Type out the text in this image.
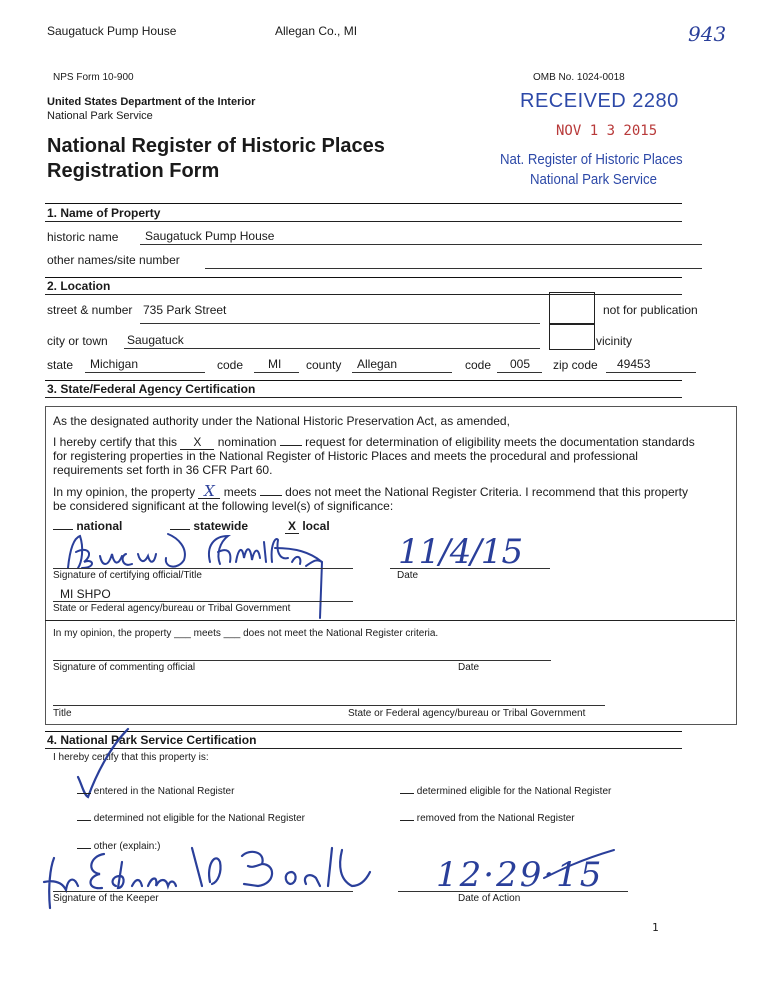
Saugatuck Pump House	Allegan Co., MI	943
NPS Form 10-900	OMB No. 1024-0018
United States Department of the Interior
National Park Service
National Register of Historic Places
Registration Form
RECEIVED 2280
NOV 1 3 2015
Nat. Register of Historic Places
National Park Service
1. Name of Property
historic name Saugatuck Pump House
other names/site number
2. Location
street & number 735 Park Street	not for publication
city or town Saugatuck	vicinity
state Michigan	code MI county Allegan	code 005 zip code 49453
3. State/Federal Agency Certification
As the designated authority under the National Historic Preservation Act, as amended,
I hereby certify that this X nomination request for determination of eligibility meets the documentation standards
for registering properties in the National Register of Historic Places and meets the procedural and professional
requirements set forth in 36 CFR Part 60.
In my opinion, the property X meets does not meet the National Register Criteria. I recommend that this property
be considered significant at the following level(s) of significance:
national	statewide	X local
Signature of certifying official/Title
11/4/15
Date
MI SHPO
State or Federal agency/bureau or Tribal Government
In my opinion, the property ___ meets ___ does not meet the National Register criteria.
Signature of commenting official	Date
Title	State or Federal agency/bureau or Tribal Government
4. National Park Service Certification
I hereby certify that this property is:
entered in the National Register	determined eligible for the National Register
determined not eligible for the National Register	removed from the National Register
other (explain:)
12·29·15
Signature of the Keeper	Date of Action
1
